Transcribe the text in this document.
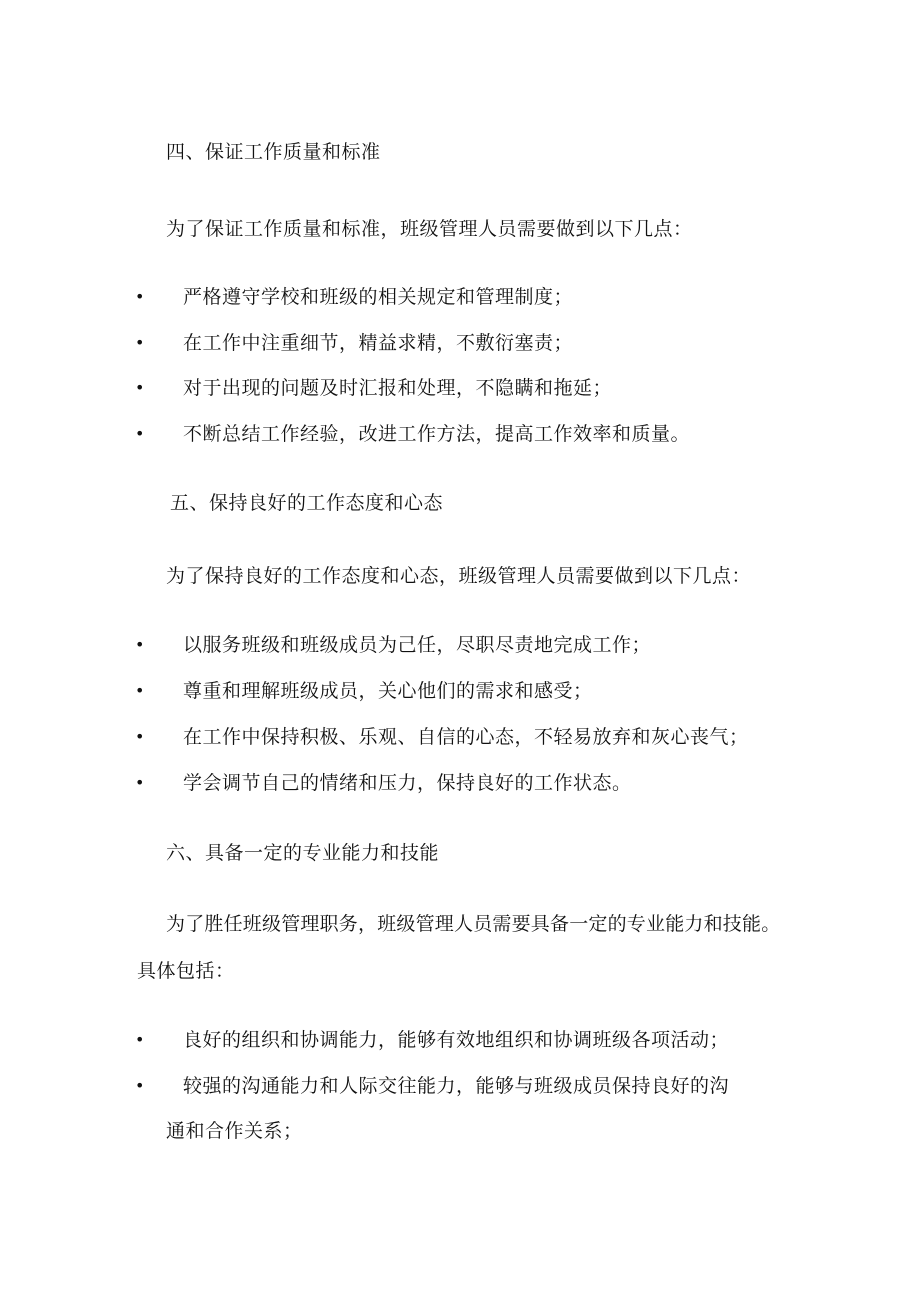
四、保证工作质量和标准
为了保证工作质量和标准，班级管理人员需要做到以下几点：
• 严格遵守学校和班级的相关规定和管理制度；
• 在工作中注重细节，精益求精，不敷衍塞责；
• 对于出现的问题及时汇报和处理，不隐瞒和拖延；
• 不断总结工作经验，改进工作方法，提高工作效率和质量。
五、保持良好的工作态度和心态
为了保持良好的工作态度和心态，班级管理人员需要做到以下几点：
• 以服务班级和班级成员为己任，尽职尽责地完成工作；
• 尊重和理解班级成员，关心他们的需求和感受；
• 在工作中保持积极、乐观、自信的心态，不轻易放弃和灰心丧气；
• 学会调节自己的情绪和压力，保持良好的工作状态。
六、具备一定的专业能力和技能
为了胜任班级管理职务，班级管理人员需要具备一定的专业能力和技能。
具体包括：
• 良好的组织和协调能力，能够有效地组织和协调班级各项活动；
• 较强的沟通能力和人际交往能力，能够与班级成员保持良好的沟
通和合作关系；
